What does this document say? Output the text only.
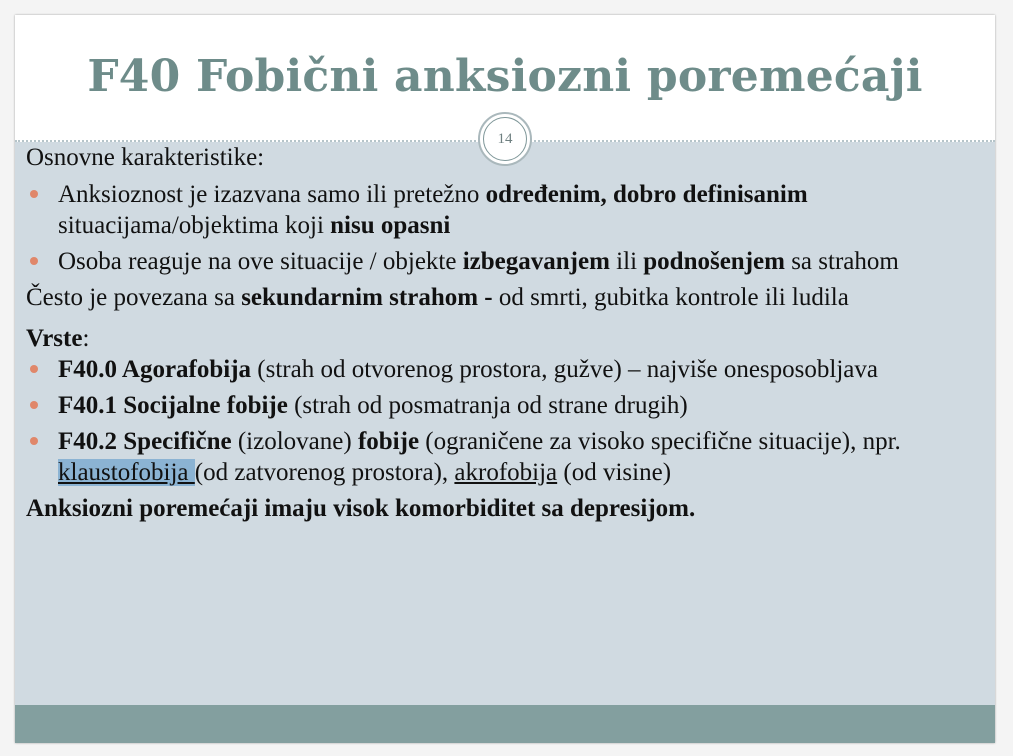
F40 Fobični anksiozni poremećaji
14

Osnovne karakteristike:

Anksioznost je izazvana samo ili pretežno određenim, dobro definisanim situacijama/objektima koji nisu opasni
Osoba reaguje na ove situacije / objekte izbegavanjem ili podnošenjem sa strahom

Često je povezana sa sekundarnim strahom - od smrti, gubitka kontrole ili ludila

Vrste:

F40.0 Agorafobija (strah od otvorenog prostora, gužve) – najviše onesposobljava
F40.1 Socijalne fobije (strah od posmatranja od strane drugih)
F40.2 Specifične (izolovane) fobije (ograničene za visoko specifične situacije), npr. klaustofobija (od zatvorenog prostora), akrofobija (od visine)

Anksiozni poremećaji imaju visok komorbiditet sa depresijom.
